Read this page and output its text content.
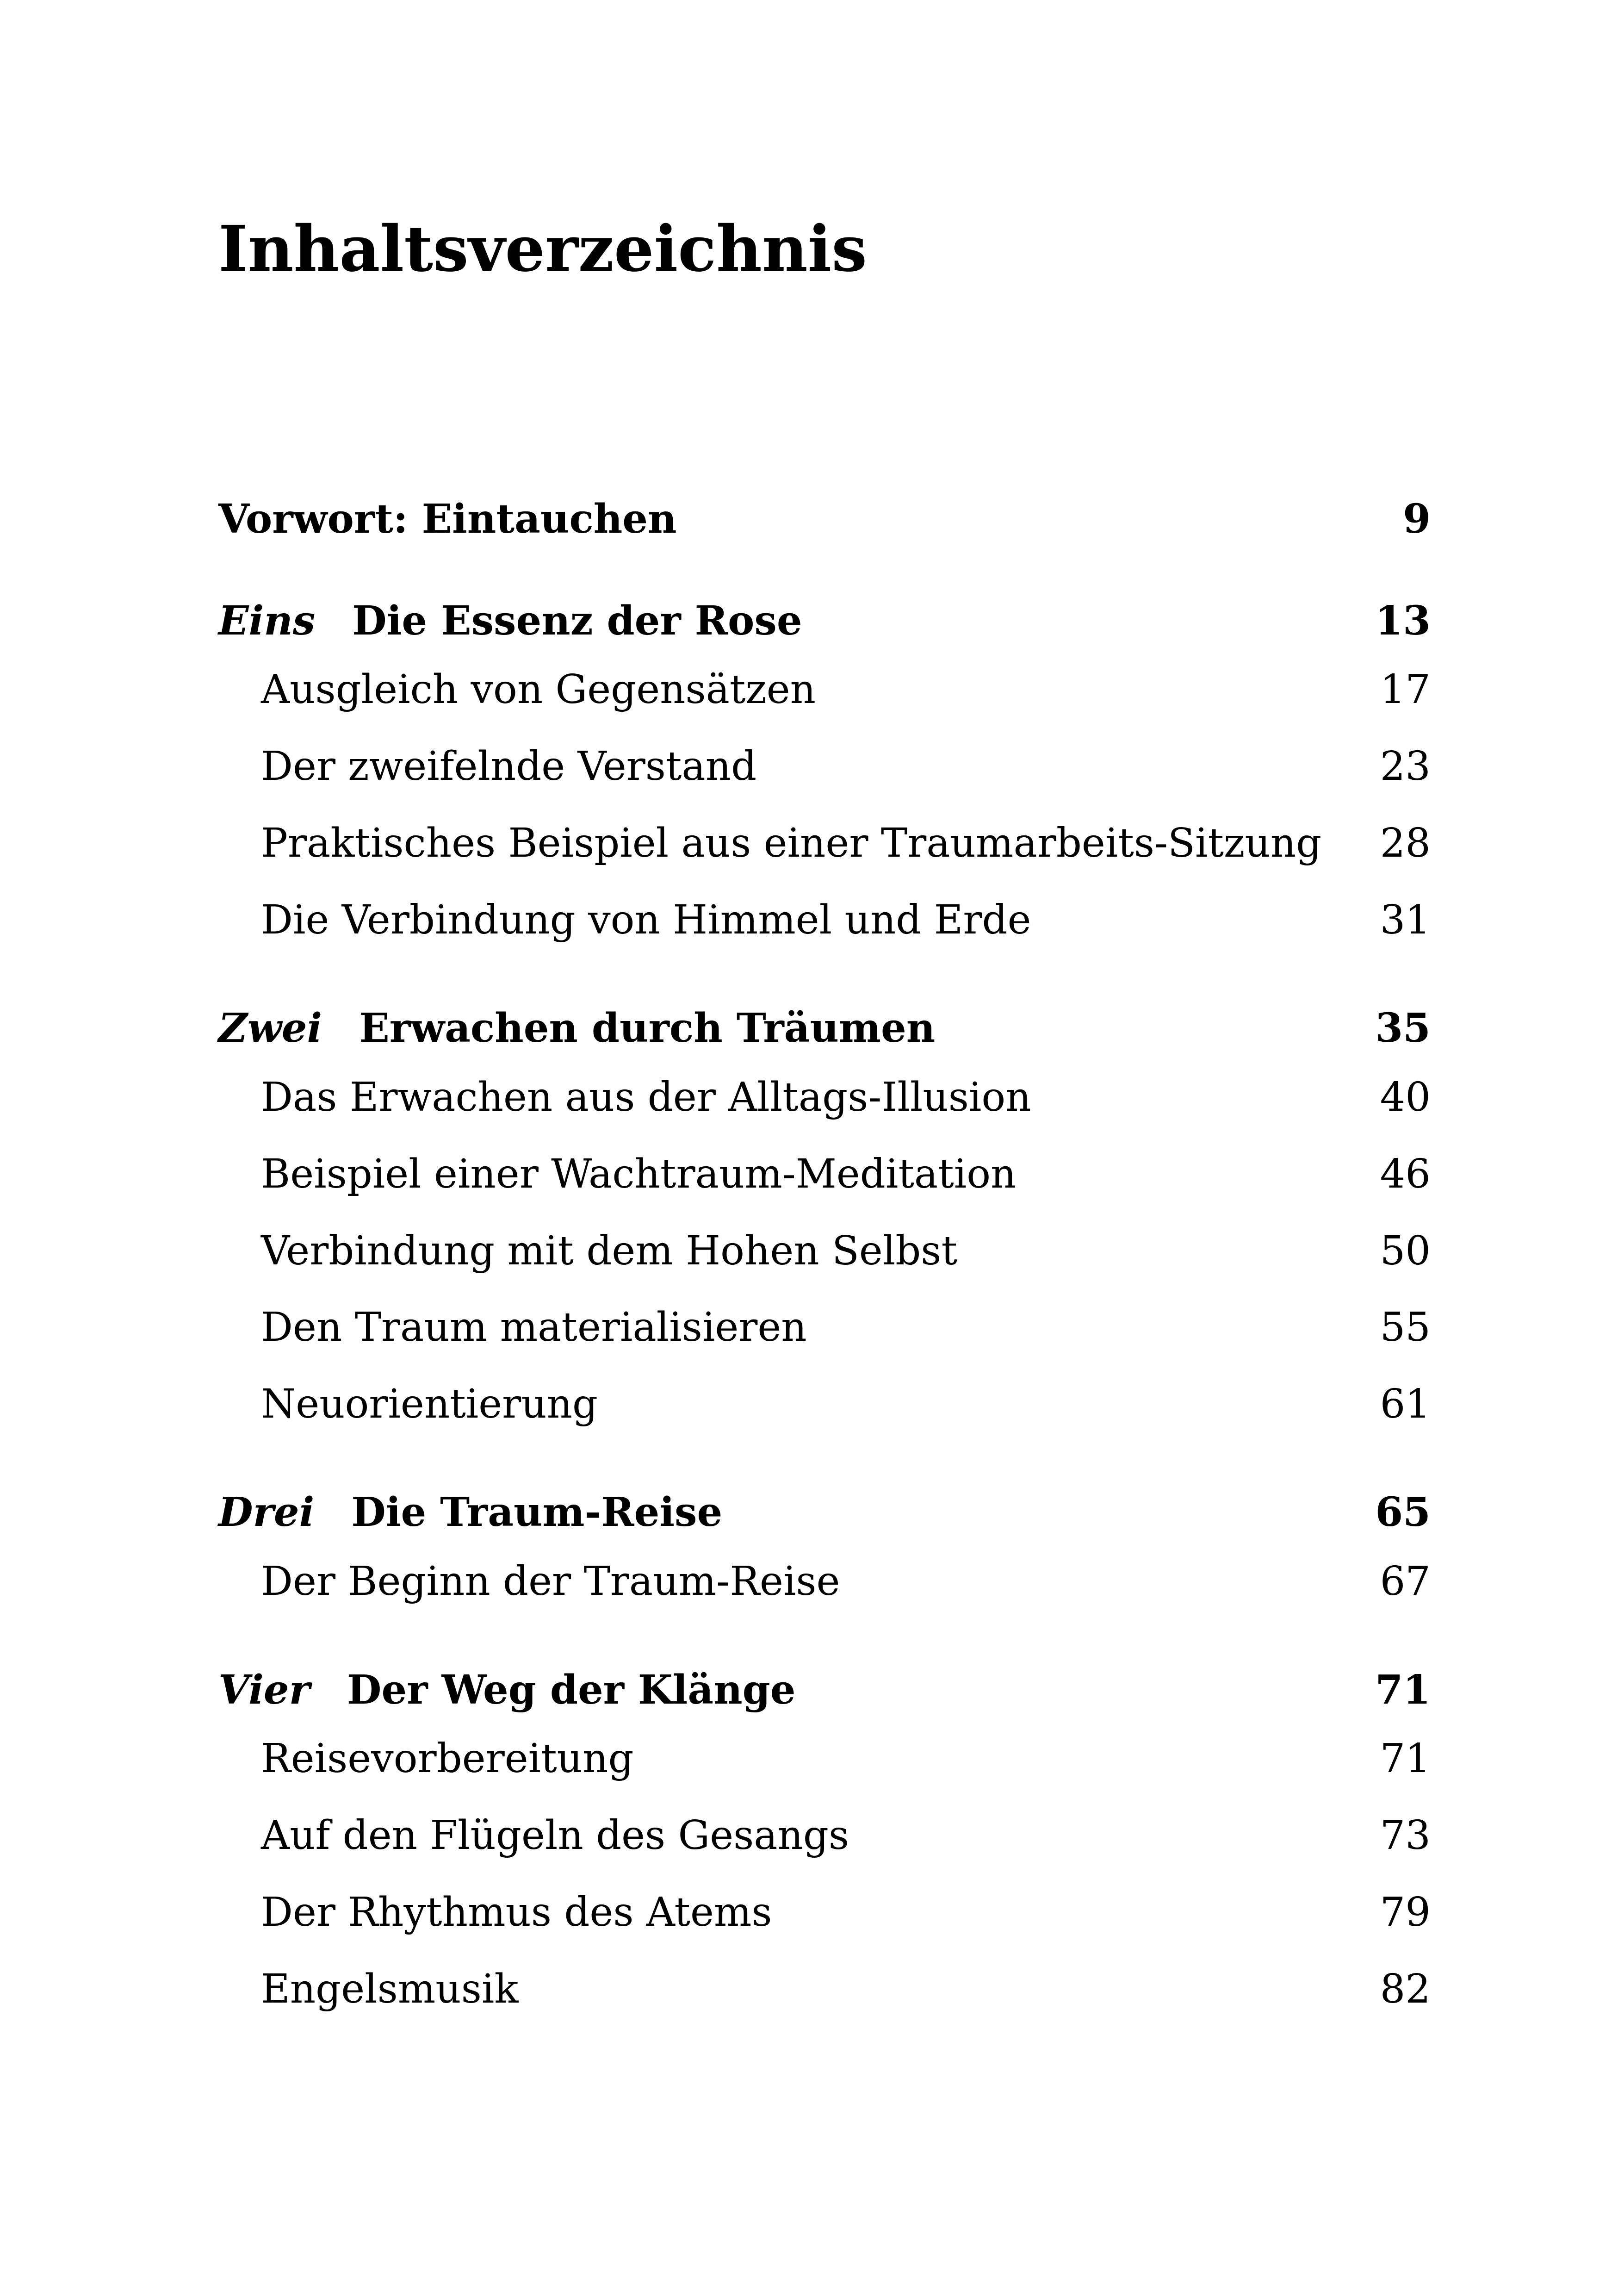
Inhaltsverzeichnis
Vorwort: Eintauchen	9
Eins Die Essenz der Rose	13
Ausgleich von Gegensätzen	17
Der zweifelnde Verstand	23
Praktisches Beispiel aus einer Traumarbeits-Sitzung 28
Die Verbindung von Himmel und Erde	31
Zwei Erwachen durch Träumen	35
Das Erwachen aus der Alltags-Illusion	40
Beispiel einer Wachtraum-Meditation	46
Verbindung mit dem Hohen Selbst	50
Den Traum materialisieren	55
Neuorientierung	61
Drei Die Traum-Reise	65
Der Beginn der Traum-Reise	67
Vier Der Weg der Klänge	71
Reisevorbereitung	71
Auf den Flügeln des Gesangs	73
Der Rhythmus des Atems	79
Engelsmusik	82
